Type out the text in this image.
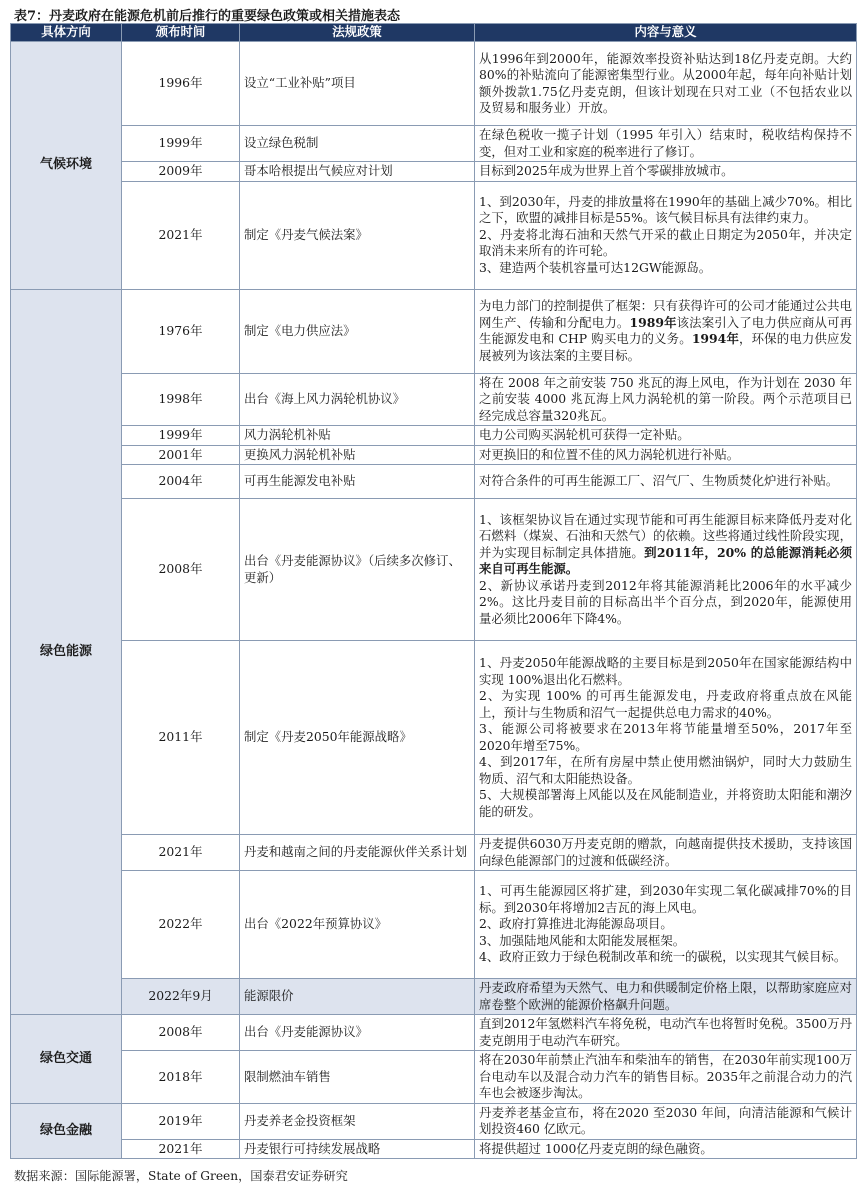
表7：丹麦政府在能源危机前后推行的重要绿色政策或相关措施表态
具体方向	颁布时间	法规政策	内容与意义
气候环境	1996年	设立“工业补贴”项目	从1996年到2000年，能源效率投资补贴达到18亿丹麦克朗。大约80%的补贴流向了能源密集型行业。从2000年起，每年向补贴计划额外拨款1.75亿丹麦克朗，但该计划现在只对工业（不包括农业以及贸易和服务业）开放。

	1999年	设立绿色税制	在绿色税收一揽子计划（1995 年引入）结束时，税收结构保持不变，但对工业和家庭的税率进行了修订。

	2009年	哥本哈根提出气候应对计划	目标到2025年成为世界上首个零碳排放城市。

	2021年	制定《丹麦气候法案》	1、到2030年，丹麦的排放量将在1990年的基础上减少70%。相比之下，欧盟的减排目标是55%。该气候目标具有法律约束力。
2、丹麦将北海石油和天然气开采的截止日期定为2050年，并决定取消未来所有的许可轮。
3、建造两个装机容量可达12GW能源岛。

绿色能源	1976年	制定《电力供应法》	为电力部门的控制提供了框架：只有获得许可的公司才能通过公共电网生产、传输和分配电力。1989年该法案引入了电力供应商从可再生能源发电和 CHP 购买电力的义务。1994年，环保的电力供应发展被列为该法案的主要目标。
	1998年	出台《海上风力涡轮机协议》	将在 2008 年之前安装 750 兆瓦的海上风电，作为计划在 2030 年之前安装 4000 兆瓦海上风力涡轮机的第一阶段。两个示范项目已经完成总容量320兆瓦。

	1999年	风力涡轮机补贴	电力公司购买涡轮机可获得一定补贴。

	2001年	更换风力涡轮机补贴	对更换旧的和位置不佳的风力涡轮机进行补贴。

	2004年	可再生能源发电补贴	对符合条件的可再生能源工厂、沼气厂、生物质焚化炉进行补贴。

	2008年	出台《丹麦能源协议》（后续多次修订、更新）	1、该框架协议旨在通过实现节能和可再生能源目标来降低丹麦对化石燃料（煤炭、石油和天然气）的依赖。这些将通过线性阶段实现，并为实现目标制定具体措施。到2011年，20% 的总能源消耗必须来自可再生能源。
2、新协议承诺丹麦到2012年将其能源消耗比2006年的水平减少2%。这比丹麦目前的目标高出半个百分点，到2020年，能源使用量必须比2006年下降4%。

	2011年	制定《丹麦2050年能源战略》	1、丹麦2050年能源战略的主要目标是到2050年在国家能源结构中实现 100%退出化石燃料。
2、为实现 100% 的可再生能源发电，丹麦政府将重点放在风能上，预计与生物质和沼气一起提供总电力需求的40%。
3、能源公司将被要求在2013年将节能量增至50%，2017年至2020年增至75%。
4、到2017年，在所有房屋中禁止使用燃油锅炉，同时大力鼓励生物质、沼气和太阳能热设备。
5、大规模部署海上风能以及在风能制造业，并将资助太阳能和潮汐能的研发。

	2021年	丹麦和越南之间的丹麦能源伙伴关系计划	丹麦提供6030万丹麦克朗的赠款，向越南提供技术援助，支持该国向绿色能源部门的过渡和低碳经济。

	2022年	出台《2022年预算协议》	1、可再生能源园区将扩建，到2030年实现二氧化碳减排70%的目标。到2030年将增加2吉瓦的海上风电。
2、政府打算推进北海能源岛项目。
3、加强陆地风能和太阳能发展框架。
4、政府正致力于绿色税制改革和统一的碳税，以实现其气候目标。

	2022年9月	能源限价	丹麦政府希望为天然气、电力和供暖制定价格上限，以帮助家庭应对席卷整个欧洲的能源价格飙升问题。

绿色交通	2008年	出台《丹麦能源协议》	直到2012年氢燃料汽车将免税，电动汽车也将暂时免税。3500万丹麦克朗用于电动汽车研究。

	2018年	限制燃油车销售	将在2030年前禁止汽油车和柴油车的销售，在2030年前实现100万台电动车以及混合动力汽车的销售目标。2035年之前混合动力的汽车也会被逐步淘汰。

绿色金融	2019年	丹麦养老金投资框架	丹麦养老基金宣布，将在2020 至2030 年间，向清洁能源和气候计划投资460 亿欧元。

	2021年	丹麦银行可持续发展战略	将提供超过 1000亿丹麦克朗的绿色融资。
数据来源：国际能源署，State of Green，国泰君安证券研究
